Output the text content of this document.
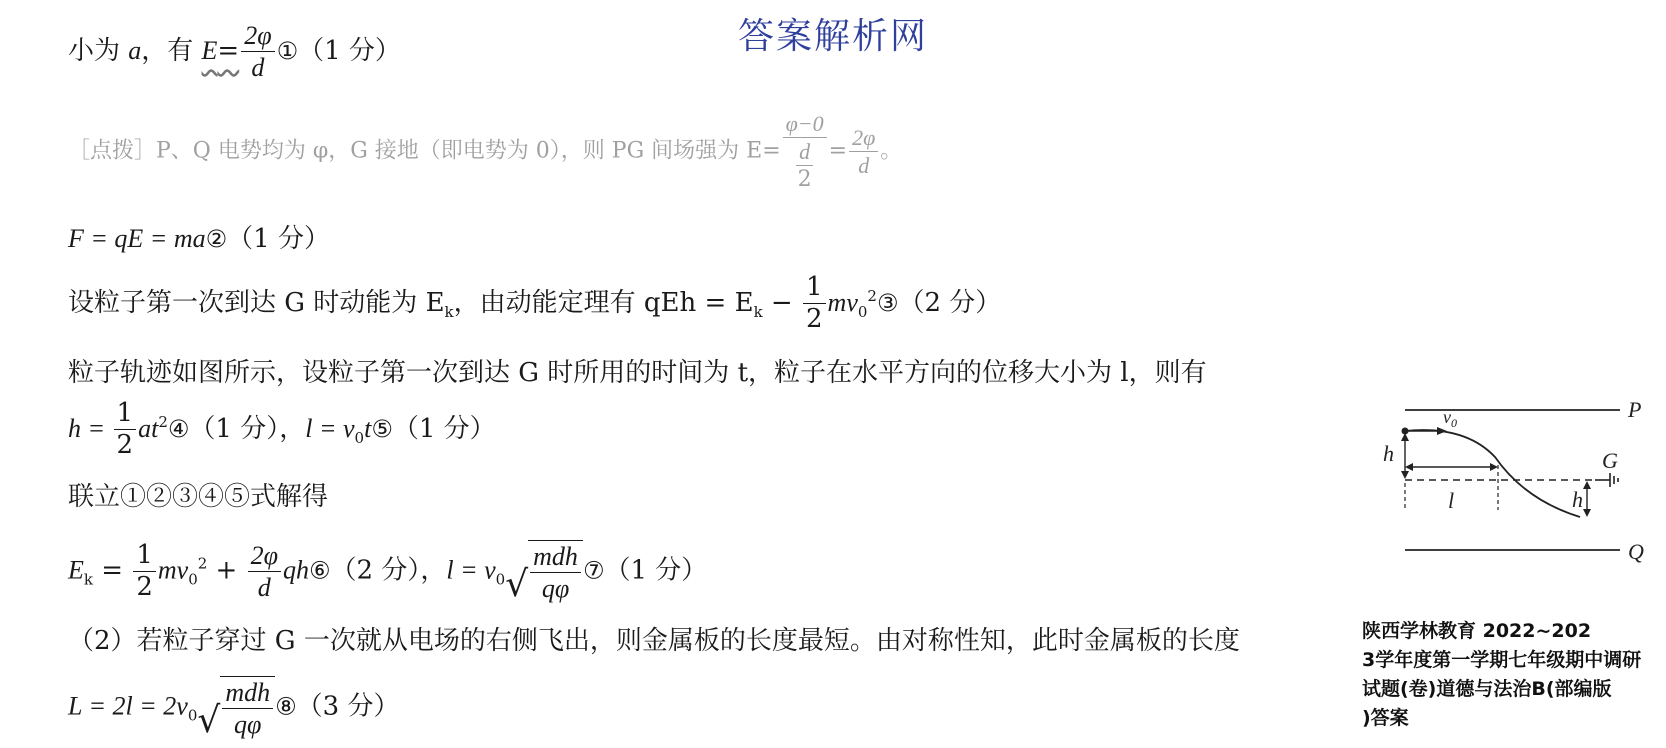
答案解析网
小为 a，有 $E= \frac{2\varphi}{d}$ ①（1 分）
［点拨］P、Q 电势均为 φ，G 接地（即电势为 0），则 PG 间场强为 $E= \frac{\varphi-0}{\frac{d}{2}} = \frac{2\varphi}{d}$ 。
F = qE = ma②（1 分）
设粒子第一次到达 G 时动能为 $E_k$，由动能定理有 qEh = $E_k - \frac{1}{2}$ $mv_0^2③(2$ 分）
粒子轨迹如图所示，设粒子第一次到达 G 时所用的时间为 t，粒子在水平方向的位移大小为 l，则有
$h = \frac{1}{2}$ $at^2④(1$ 分），$l = v_0t⑤(1$ 分）
联立①②③④⑤式解得
$E_k = \frac{1}{2} mv_0^2 + \frac{2\varphi}{d}$ qh⑥（2 分），$l = v_0$ √ $\frac{\text{mdh}}{q\varphi}$ ⑦（1 分）
（2）若粒子穿过 G 一次就从电场的右侧飞出，则金属板的长度最短。由对称性知，此时金属板的长度
$L = 2l = 2v_0$ √ $\frac{\text{mdh}}{q\varphi}$ ⑧（3 分）
P
G
Q
$v_0$
h
l	h
陕西学林教育 2022~202
3学年度第一学期七年级期中调研
试题(卷)道德与法治B(部编版
)答案
